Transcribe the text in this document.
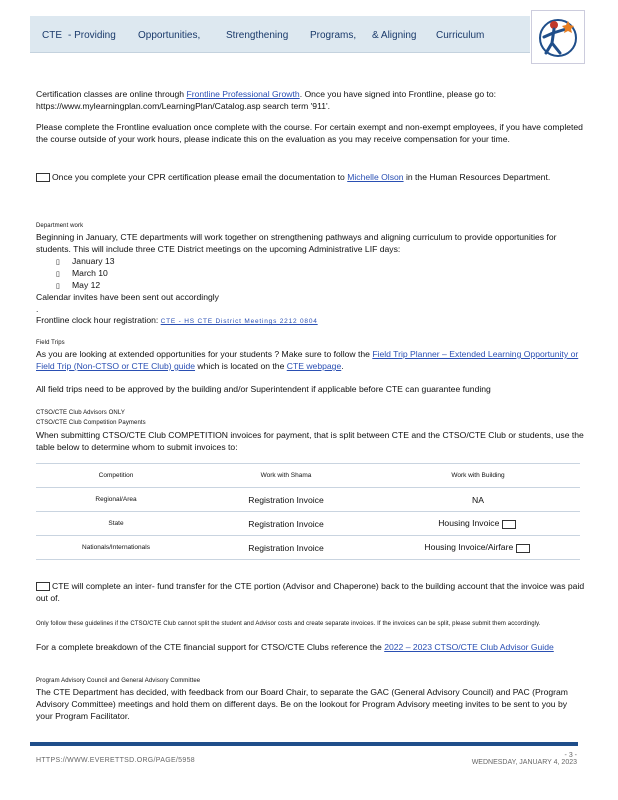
CTE - Providing Opportunities,	Strengthening Programs, & Aligning Curriculum
Certification classes are online through Frontline Professional Growth. Once you have signed into Frontline, please go to: https://www.mylearningplan.com/LearningPlan/Catalog.asp search term '911'.
Please complete the Frontline evaluation once complete with the course. For certain exempt and non-exempt employees, if you have completed the course outside of your work hours, please indicate this on the evaluation as you may receive compensation for your time.
Once you complete your CPR certification please email the documentation to Michelle Olson in the Human Resources Department.
Department work
Beginning in January, CTE departments will work together on strengthening pathways and aligning curriculum to provide opportunities for students. This will include three CTE District meetings on the upcoming Administrative LIF days:
▯ January 13
▯ March 10
▯ May 12
Calendar invites have been sent out accordingly
.
Frontline clock hour registration: CTE - HS CTE District Meetings 2212 0804
Field Trips
As you are looking at extended opportunities for your students ? Make sure to follow the Field Trip Planner – Extended Learning Opportunity or Field Trip (Non-CTSO or CTE Club) guide which is located on the CTE webpage.
All field trips need to be approved by the building and/or Superintendent if applicable before CTE can guarantee funding
CTSO/CTE Club Advisors ONLY
CTSO/CTE Club Competition Payments
When submitting CTSO/CTE Club COMPETITION invoices for payment, that is split between CTE and the CTSO/CTE Club or students, use the table below to determine whom to submit invoices to:
Competition	Work with Shama	Work with Building
Regional/Area	Registration Invoice	NA
State	Registration Invoice	Housing Invoice
Nationals/Internationals	Registration Invoice	Housing Invoice/Airfare
CTE will complete an inter- fund transfer for the CTE portion (Advisor and Chaperone) back to the building account that the invoice was paid out of.
Only follow these guidelines if the CTSO/CTE Club cannot split the student and Advisor costs and create separate invoices. If the invoices can be split, please submit them accordingly.
For a complete breakdown of the CTE financial support for CTSO/CTE Clubs reference the 2022 – 2023 CTSO/CTE Club Advisor Guide
Program Advisory Council and General Advisory Committee
The CTE Department has decided, with feedback from our Board Chair, to separate the GAC (General Advisory Council) and PAC (Program Advisory Committee) meetings and hold them on different days. Be on the lookout for Program Advisory meeting invites to be sent to you by your Program Facilitator.
HTTPS://WWW.EVERETTSD.ORG/PAGE/5958
- 3 -
WEDNESDAY, JANUARY 4, 2023
